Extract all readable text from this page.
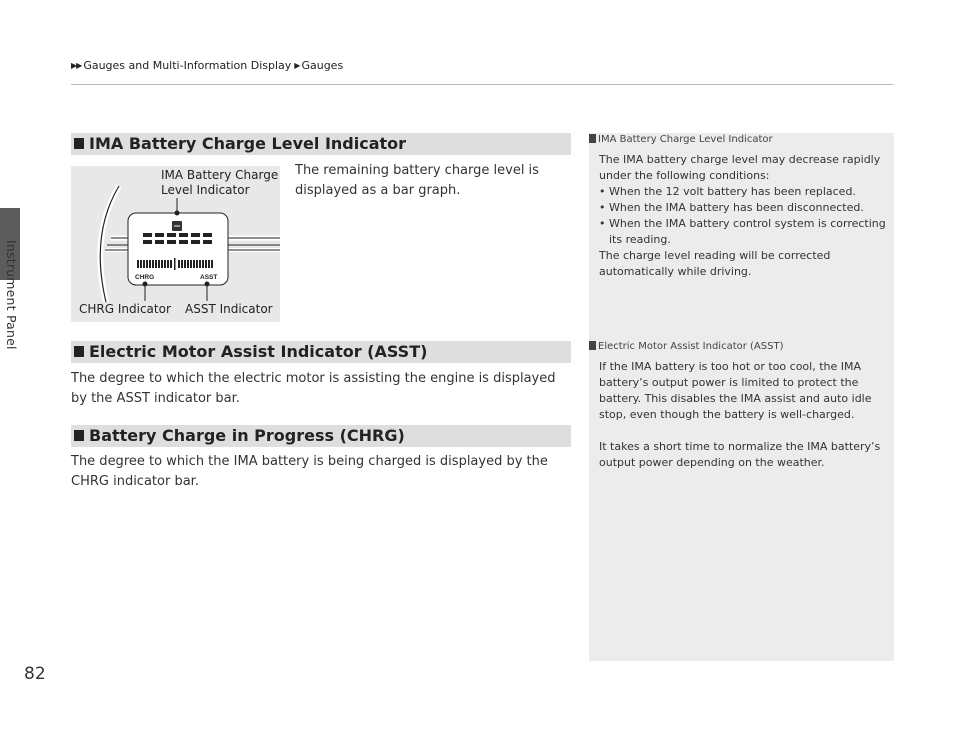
Instrument Panel
▶▶ Gauges and Multi-Information Display ▶ Gauges
IMA Battery Charge Level Indicator
CHRG	ASST
IMA Battery Charge
Level Indicator
CHRG Indicator ASST Indicator
The remaining battery charge level is displayed as a bar graph.
Electric Motor Assist Indicator (ASST)
The degree to which the electric motor is assisting the engine is displayed by the ASST indicator bar.
Battery Charge in Progress (CHRG)
The degree to which the IMA battery is being charged is displayed by the CHRG indicator bar.
IMA Battery Charge Level Indicator
The IMA battery charge level may decrease rapidly under the following conditions:
• When the 12 volt battery has been replaced.
• When the IMA battery has been disconnected.
• When the IMA battery control system is correcting its reading.
The charge level reading will be corrected automatically while driving.
Electric Motor Assist Indicator (ASST)
If the IMA battery is too hot or too cool, the IMA battery’s output power is limited to protect the battery. This disables the IMA assist and auto idle stop, even though the battery is well-charged.
It takes a short time to normalize the IMA battery’s output power depending on the weather.
82
